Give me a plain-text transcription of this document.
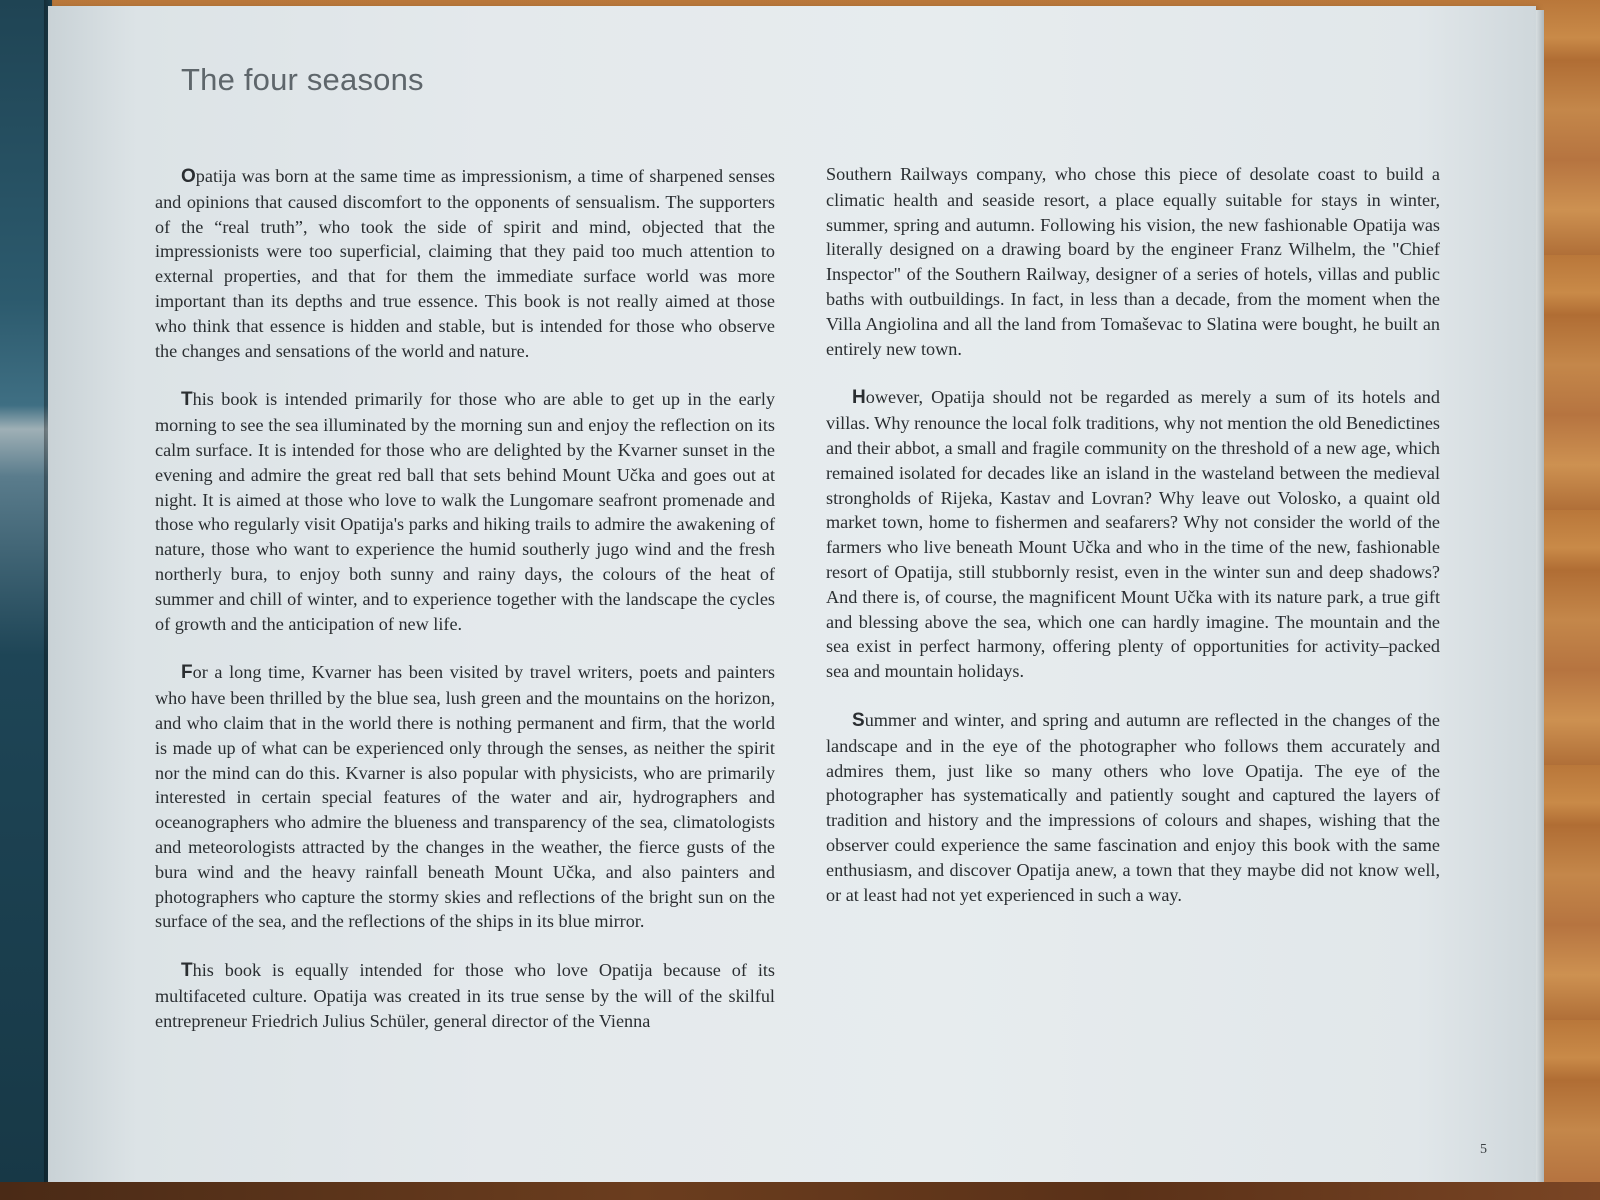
The four seasons

Opatija was born at the same time as impressionism, a time of sharpened senses and opinions that caused discomfort to the opponents of sensualism. The supporters of the “real truth”, who took the side of spirit and mind, objected that the impressionists were too superficial, claiming that they paid too much attention to external properties, and that for them the immediate surface world was more important than its depths and true essence. This book is not really aimed at those who think that essence is hidden and stable, but is intended for those who observe the changes and sensations of the world and nature.

This book is intended primarily for those who are able to get up in the early morning to see the sea illuminated by the morning sun and enjoy the reflection on its calm surface. It is intended for those who are delighted by the Kvarner sunset in the evening and admire the great red ball that sets behind Mount Učka and goes out at night. It is aimed at those who love to walk the Lungomare seafront promenade and those who regularly visit Opatija's parks and hiking trails to admire the awakening of nature, those who want to experience the humid southerly jugo wind and the fresh northerly bura, to enjoy both sunny and rainy days, the colours of the heat of summer and chill of winter, and to experience together with the landscape the cycles of growth and the anticipation of new life.

For a long time, Kvarner has been visited by travel writers, poets and painters who have been thrilled by the blue sea, lush green and the mountains on the horizon, and who claim that in the world there is nothing permanent and firm, that the world is made up of what can be experienced only through the senses, as neither the spirit nor the mind can do this. Kvarner is also popular with physicists, who are primarily interested in certain special features of the water and air, hydrographers and oceanographers who admire the blueness and transparency of the sea, climatologists and meteorologists attracted by the changes in the weather, the fierce gusts of the bura wind and the heavy rainfall beneath Mount Učka, and also painters and photographers who capture the stormy skies and reflections of the bright sun on the surface of the sea, and the reflections of the ships in its blue mirror.

This book is equally intended for those who love Opatija because of its multifaceted culture. Opatija was created in its true sense by the will of the skilful entrepreneur Friedrich Julius Schüler, general director of the Vienna

Southern Railways company, who chose this piece of desolate coast to build a climatic health and seaside resort, a place equally suitable for stays in winter, summer, spring and autumn. Following his vision, the new fashionable Opatija was literally designed on a drawing board by the engineer Franz Wilhelm, the "Chief Inspector" of the Southern Railway, designer of a series of hotels, villas and public baths with outbuildings. In fact, in less than a decade, from the moment when the Villa Angiolina and all the land from Tomaševac to Slatina were bought, he built an entirely new town.

However, Opatija should not be regarded as merely a sum of its hotels and villas. Why renounce the local folk traditions, why not mention the old Benedictines and their abbot, a small and fragile community on the threshold of a new age, which remained isolated for decades like an island in the wasteland between the medieval strongholds of Rijeka, Kastav and Lovran? Why leave out Volosko, a quaint old market town, home to fishermen and seafarers? Why not consider the world of the farmers who live beneath Mount Učka and who in the time of the new, fashionable resort of Opatija, still stubbornly resist, even in the winter sun and deep shadows? And there is, of course, the magnificent Mount Učka with its nature park, a true gift and blessing above the sea, which one can hardly imagine. The mountain and the sea exist in perfect harmony, offering plenty of opportunities for activity–packed sea and mountain holidays.

Summer and winter, and spring and autumn are reflected in the changes of the landscape and in the eye of the photographer who follows them accurately and admires them, just like so many others who love Opatija. The eye of the photographer has systematically and patiently sought and captured the layers of tradition and history and the impressions of colours and shapes, wishing that the observer could experience the same fascination and enjoy this book with the same enthusiasm, and discover Opatija anew, a town that they maybe did not know well, or at least had not yet experienced in such a way.

5
